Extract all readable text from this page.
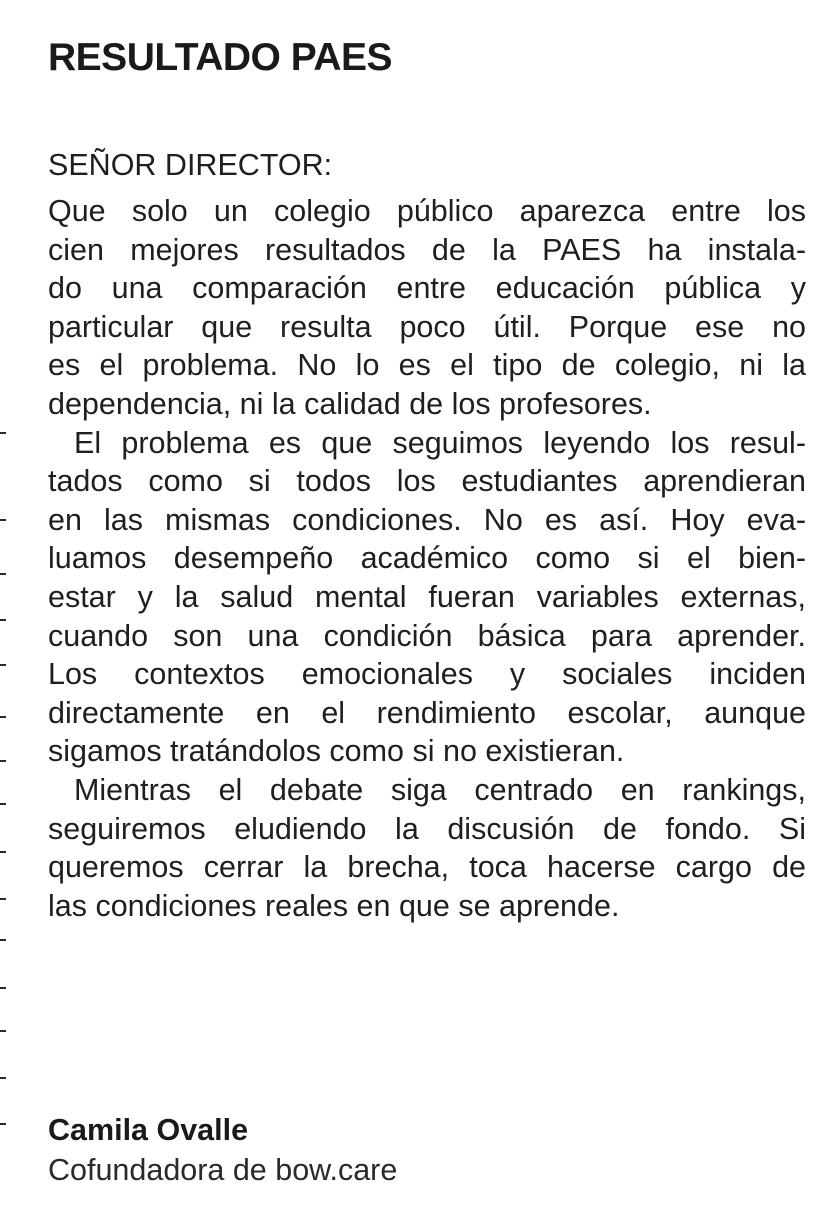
RESULTADO PAES
SEÑOR DIRECTOR:

Que solo un colegio público aparezca entre los
cien mejores resultados de la PAES ha instala-
do una comparación entre educación pública y
particular que resulta poco útil. Porque ese no
es el problema. No lo es el tipo de colegio, ni la
dependencia, ni la calidad de los profesores.

El problema es que seguimos leyendo los resul-
tados como si todos los estudiantes aprendieran
en las mismas condiciones. No es así. Hoy eva-
luamos desempeño académico como si el bien-
estar y la salud mental fueran variables externas,
cuando son una condición básica para aprender.
Los contextos emocionales y sociales inciden
directamente en el rendimiento escolar, aunque
sigamos tratándolos como si no existieran.

Mientras el debate siga centrado en rankings,
seguiremos eludiendo la discusión de fondo. Si
queremos cerrar la brecha, toca hacerse cargo de
las condiciones reales en que se aprende.

Camila Ovalle
Cofundadora de bow.care
